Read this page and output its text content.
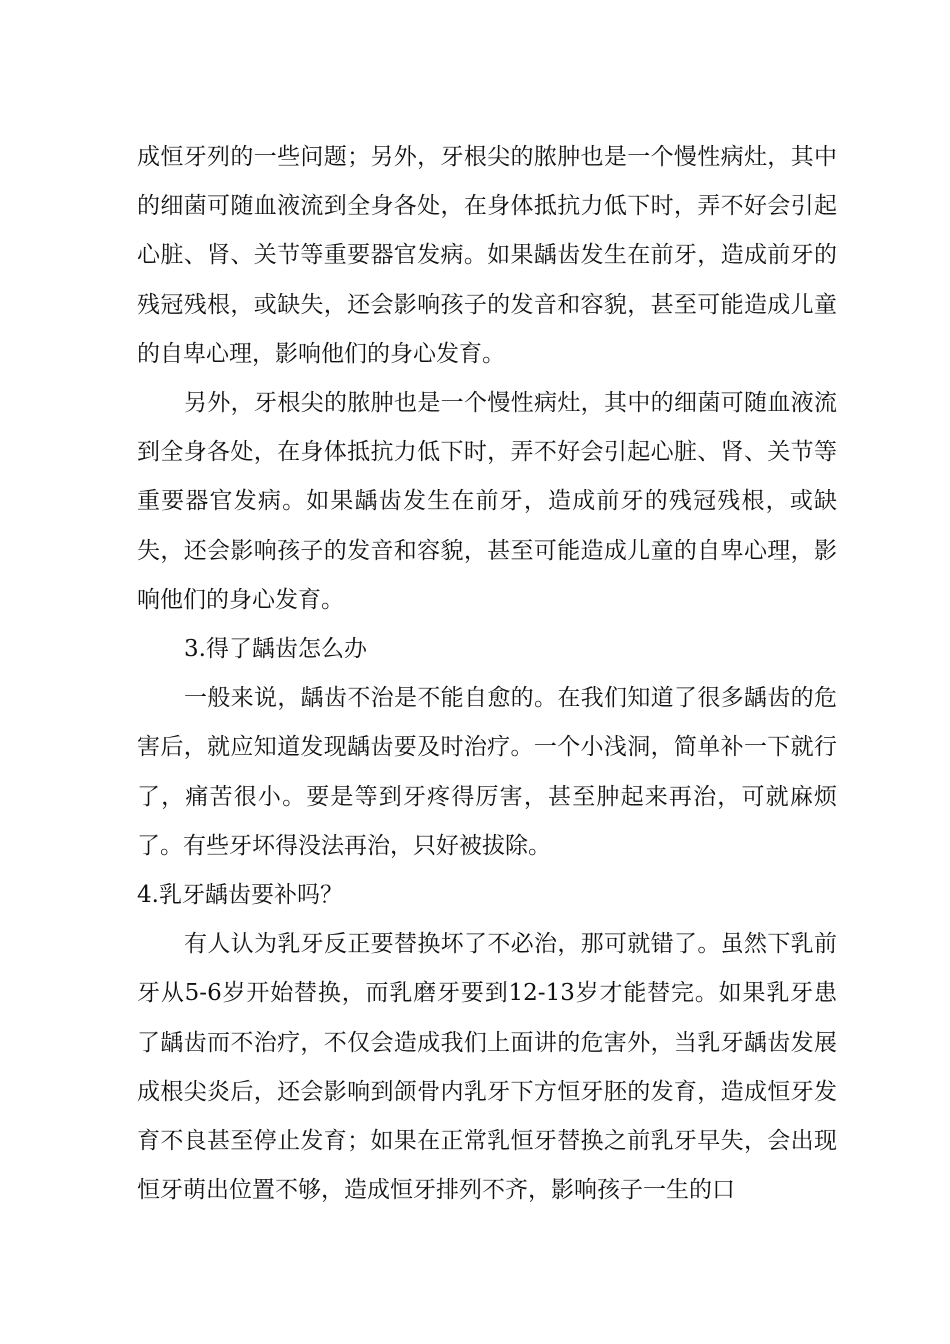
成恒牙列的一些问题；另外，牙根尖的脓肿也是一个慢性病灶，其中的细菌可随血液流到全身各处，在身体抵抗力低下时，弄不好会引起心脏、肾、关节等重要器官发病。如果龋齿发生在前牙，造成前牙的残冠残根，或缺失，还会影响孩子的发音和容貌，甚至可能造成儿童的自卑心理，影响他们的身心发育。

另外，牙根尖的脓肿也是一个慢性病灶，其中的细菌可随血液流到全身各处，在身体抵抗力低下时，弄不好会引起心脏、肾、关节等重要器官发病。如果龋齿发生在前牙，造成前牙的残冠残根，或缺失，还会影响孩子的发音和容貌，甚至可能造成儿童的自卑心理，影响他们的身心发育。

3.得了龋齿怎么办

一般来说，龋齿不治是不能自愈的。在我们知道了很多龋齿的危害后，就应知道发现龋齿要及时治疗。一个小浅洞，简单补一下就行了，痛苦很小。要是等到牙疼得厉害，甚至肿起来再治，可就麻烦了。有些牙坏得没法再治，只好被拔除。

4.乳牙龋齿要补吗？

有人认为乳牙反正要替换坏了不必治，那可就错了。虽然下乳前牙从5-6岁开始替换，而乳磨牙要到12-13岁才能替完。如果乳牙患了龋齿而不治疗，不仅会造成我们上面讲的危害外，当乳牙龋齿发展成根尖炎后，还会影响到颌骨内乳牙下方恒牙胚的发育，造成恒牙发育不良甚至停止发育；如果在正常乳恒牙替换之前乳牙早失，会出现恒牙萌出位置不够，造成恒牙排列不齐，影响孩子一生的口
